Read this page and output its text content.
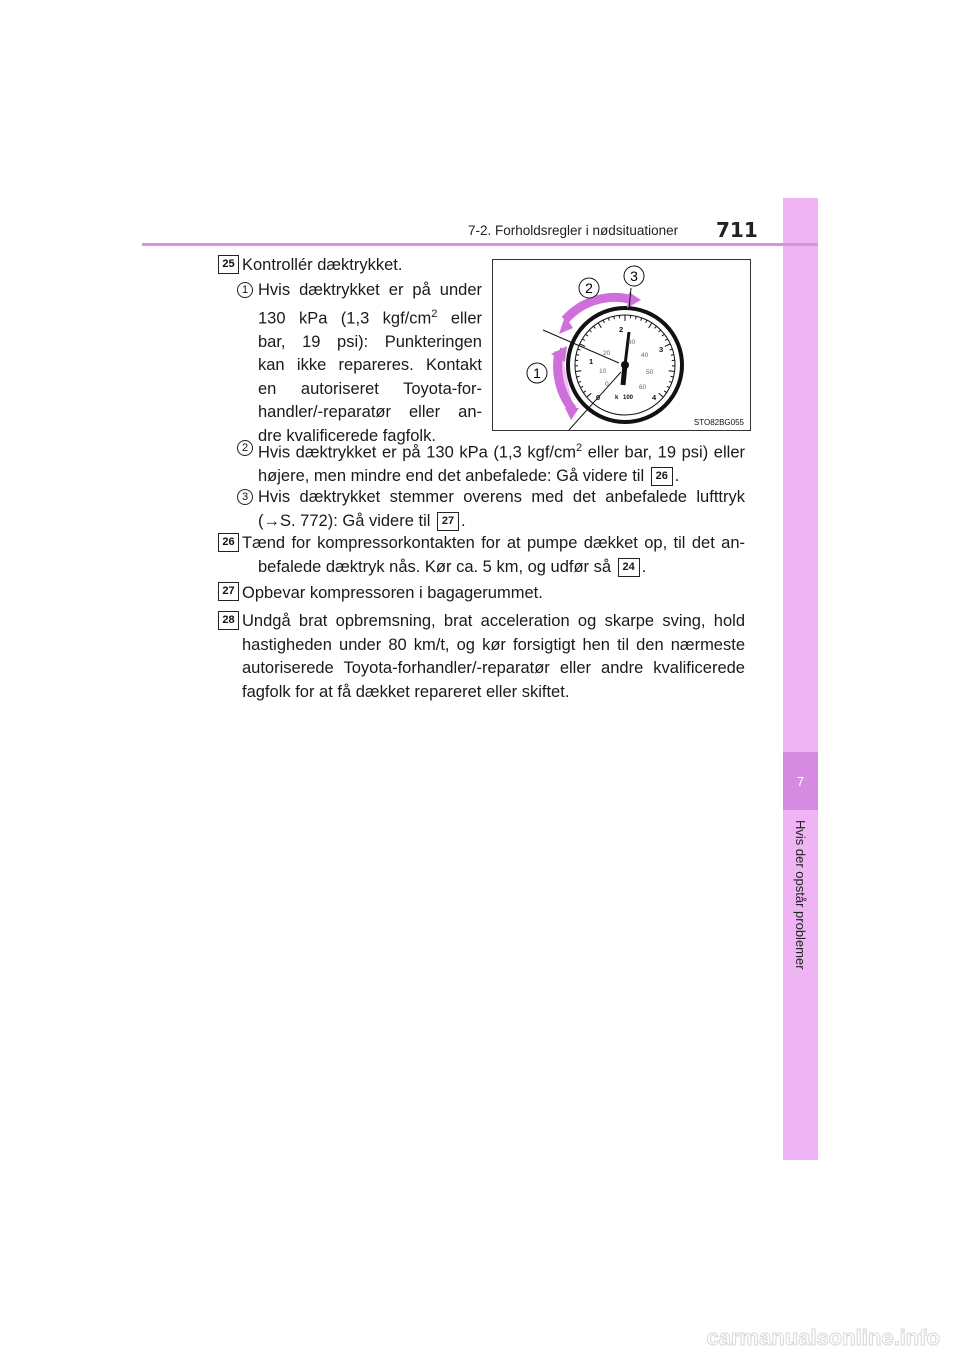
7
Hvis der opstår problemer
7-2. Forholdsregler i nødsituationer 711
25 Kontrollér dæktrykket.
1 Hvis dæktrykket er på under
130 kPa (1,3 kgf/$cm^2$ eller
bar, 19 psi): Punkteringen
kan ikke repareres. Kontakt
en autoriseret Toyota-for-
handler/-reparatør eller an-
dre kvalificerede fagfolk.
1
2
3
0
1
2
3
4
0
10
20
30
40
50
60
k 100
STO82BG055
2 Hvis dæktrykket er på 130 kPa (1,3 kgf/$cm^2$ eller bar, 19 psi) eller
højere, men mindre end det anbefalede: Gå videre til 26 .
3 Hvis dæktrykket stemmer overens med det anbefalede lufttryk
(→S. 772): Gå videre til 27 .
26 Tænd for kompressorkontakten for at pumpe dækket op, til det an-
befalede dæktryk nås. Kør ca. 5 km, og udfør så 24 .
27 Opbevar kompressoren i bagagerummet.
28 Undgå brat opbremsning, brat acceleration og skarpe sving, hold
hastigheden under 80 km/t, og kør forsigtigt hen til den nærmeste
autoriserede Toyota-forhandler/-reparatør eller andre kvalificerede
fagfolk for at få dækket repareret eller skiftet.
carmanualsonline.info
